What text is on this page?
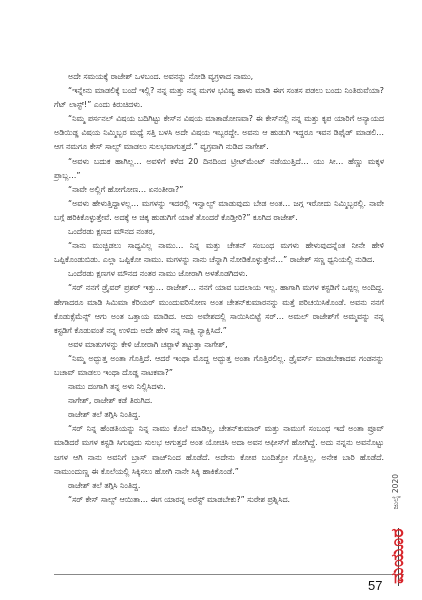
ಅದೇ ಸಮಯಕ್ಕೆ ರಾಜೇಶ್ ಒಳಬಂದ. ಅವನನ್ನು ನೋಡಿ ವ್ಯಗ್ರಳಾದ ನಾಮು,

“ಇನ್ನೇನು ಮಾಡಲಿಕ್ಕೆ ಬಂದೆ ಇಲ್ಲಿ? ನನ್ನ ಮತ್ತು ನನ್ನ ಮಗಳ ಭವಿಷ್ಯ ಹಾಳು ಮಾಡಿ ಈಗ ಸಂತಸ ಪಡಲು ಬಂದು ನಿಂತಿರುವೆಯಾ? ಗೆಟ್ ಲಾಸ್ಟ್!” ಎಂದು ಕಿರುಚಿದಳು.

“ನಿಮ್ಮ ಪರ್ಸನಲ್ ವಿಷಯ ಬದಿಗಿಟ್ಟು ಕೇಸ್‌ನ ವಿಷಯ ಮಾತಾಡೋಣವಾ? ಈ ಕೇಸ್‌ನಲ್ಲಿ ನನ್ನ ಮತ್ತು ಕೃಪ ಯಾರಿಗೆ ಅನ್ಯಾಯದ ಅಡಿಯಿಡ್ಡ ವಿಷಯ ನಿಮ್ಮಿಬ್ಬರ ಮಧ್ಯೆ ಸತ್ತಿ ಬಳಸಿ ಅದೇ ವಿಷಯ ಇಬ್ಬರದ್ದೇ. ಅವನು ಆ ಹುಡುಗಿ ಇದ್ದರೂ ಇವನ ಡಿಫೈಡ್ ಮಾಡಲಿ… ಆಗ ನಮಗೂ ಕೇಸ್ ಸಾಲ್ವ್ ಮಾಡಲು ಸುಲಭವಾಗುತ್ತದೆ.” ವ್ಯಗ್ರವಾಗಿ ನುಡಿದ ನಾಗೇಶ್.

“ಅವಳು ಬದುಕ ಹಾಗಿಲ್ಲ… ಅವಳಿಗೆ ಕಳೆದ 20 ದಿನದಿಂದ ಟ್ರೀಟ್‌ಮೆಂಟ್ ನಡೆಯುತ್ತಿದೆ… ಯು ಸೀ… ಹೆಣ್ಣು ಮಕ್ಕಳ ಪ್ರಾಬ್ಲ…”

“ನಾವೇ ಅಲ್ಲಿಗೆ ಹೋಗೋಣ… ಏನಂತೀರಾ?”

“ಅವಳು ಹೇಳುತ್ತಿದ್ದಾಳಲ್ಲ… ಮಗಳನ್ನು ಇದರಲ್ಲಿ ಇನ್ವಾಲ್ವ್ ಮಾಡುವುದು ಬೇಡ ಅಂತ… ಜಗ್ಗ ಇರೋದು ನಿಮ್ಮಿಬ್ಬರಲ್ಲಿ. ನಾವೇ ಬಗ್ಗೆ ಹರಿಕಿಕೊಳ್ಳುತ್ತೇವೆ. ಅದಕ್ಕೆ ಆ ಚಿಕ್ಕ ಹುಡುಗಿಗೆ ಯಾಕೆ ತೊಂದರೆ ಕೊಡ್ತೀರಿ?” ಕೂಗಿದ ರಾಜೇಶ್.

ಒಂದೆರಡು ಕ್ಷಣದ ಮೌನದ ನಂತರ,

“ನಾನು ಮುಚ್ಚಿಡಲು ಸಾಧ್ಯವಿಲ್ಲ ನಾಮು… ನಿನ್ನ ಮತ್ತು ಚೇತನ್ ಸಂಬಂಧ ಮಗಳು ಹೇಳುವುದನ್ನೆಂತ ನೀನೇ ಹೇಳಿ ಒಪ್ಪಿಕೊಂಡುಬಿಡು. ಎಲ್ಲಾ ಒಪ್ಪಿಕೋ ನಾಮು. ಮಗಳನ್ನು ನಾನು ಚೆನ್ನಾಗಿ ನೋಡಿಕೊಳ್ಳುತ್ತೇನೆ…” ರಾಜೇಶ್ ಸಣ್ಣ ಧ್ವನಿಯಲ್ಲಿ ನುಡಿದ.

ಒಂದೆರಡು ಕ್ಷಣಗಳ ಮೌನದ ನಂತರ ನಾಮು ಜೋರಾಗಿ ಅಳತೊಡಗಿದಳು.

“ಸರ್ ನನಗೆ ಡ್ರೈವರ್ ಪ್ರಶರ್ ಇತ್ತು… ರಾಜೇಶ್… ನನಗೆ ಯಾವ ಬದಲಾಯ ಇಲ್ಲ. ಹಾಗಾಗಿ ಮಗಳ ಕಸ್ಟಡಿಗೆ ಒಪ್ಪಲ್ಲ ಅಂದಿದ್ದ. ಹೇಗಾದರೂ ಮಾಡಿ ಸಿಮಿಮಾ ಕೆರಿಯರ್ ಮುಂದುವರಿಸೋಣ ಅಂತ ಚೇತನ್‌ಕುಮಾರನನ್ನು ಮತ್ತೆ ಪರಿಚಯಿಸಿಕೊಂಡೆ. ಅವನು ನನಗೆ ಕೊಡುಕ್ಸೆಮೆನ್ಸ್ ಆಗು ಅಂತ ಒತ್ತಾಯ ಮಾಡಿದ. ಅದು ಅವೇಶದಲ್ಲಿ ಸಾಯಿಸಿಬಿಟ್ಟೆ ಸರ್… ಅಮಲ್ ರಾಜೇಶ್‌ಗೆ ಅಮ್ಮವನ್ನು ನನ್ನ ಕಸ್ಟಡಿಗೆ ಕೊಡುವಂತೆ ನನ್ನ ಉಳಿದು ಅದೇ ಹೇಳಿ ನನ್ನ ಸಾಕ್ಷಿ ನ್ಯಾಕ್ಷಿಸಿದೆ.”

ಅವಳ ಮಾತುಗಳನ್ನು ಕೇಳಿ ಜೋರಾಗಿ ಚಪ್ಪಾಳೆ ತಟ್ಟುತ್ತಾ ನಾಗೇಶ್,

“ನಿಮ್ಮ ಅದ್ಭುತ್ತ ಅಂತಾ ಗೊತ್ತಿದೆ. ಆದರೆ ಇಂಥಾ ಮೊದ್ದ ಅದ್ಭುತ್ತ ಅಂತಾ ಗೊತ್ತಿರಲಿಲ್ಲ. ಡ್ರೈವರ್ಸ್ ಮಾಡಬೇಕಾದವ ಗಂಡನನ್ನು ಬಚಾವ್ ಮಾಡಲು ಇಂಥಾ ದೊಡ್ಡ ನಾಟಕವಾ?”

ನಾಮು ದಂಗಾಗಿ ತನ್ನ ಅಳು ನಿಲ್ಲಿಸಿದಳು.

ನಾಗೇಶ್, ರಾಜೇಶ್ ಕಡೆ ತಿರುಗಿದ.

ರಾಜೇಶ್ ತಲೆ ತಗ್ಗಿಸಿ ನಿಂತಿದ್ದ.

“ಸರ್ ನಿನ್ನ ಹೆಂಡತಿಯನ್ನು ನಿನ್ನ ನಾಮು ಕೊಲೆ ಮಾಡಿಲ್ಲ, ಚೇತನ್‌ಕುಮಾರ್ ಮತ್ತು ನಾಮುಗೆ ಸಂಬಂಧ ಇದೆ ಅಂತಾ ಪ್ರೂವ್ ಮಾಡಿದರೆ ಮಗಳ ಕಸ್ಟಡಿ ಸಿಗುವುದು ಸುಲಭ ಆಗುತ್ತದೆ ಅಂತ ಯೋಚಿಸಿ ಅದಾ ಅವನ ಆಫೀಸ್‌ಗೆ ಹೋಗಿದ್ದೆ. ಅದು ನನ್ನನು ಅವನೊಟ್ಟು ಜಗಳ ಆಗಿ ನಾನು ಅವನಿಗೆ ಬ್ರಾಸ್ ವಾಜ್‌ನಿಂದ ಹೊಡೆದೆ. ಅದೇನು ಕೋಪ ಬಂದಿತ್ತೋ ಗೊತ್ತಿಲ್ಲ, ಅನೇಕ ಬಾರಿ ಹೊಡೆದೆ. ನಾಮುಂದುಣ್ಣ ಈ ಕೊಲೆಯಲ್ಲಿ ಸಿಕ್ಕಿಸಲು ಹೋಗಿ ನಾನೇ ಸಿಕ್ಕಿ ಹಾಕಿಕೊಂಡೆ.”

ರಾಜೇಶ್ ತಲೆ ತಗ್ಗಿಸಿ ನಿಂತಿದ್ದ.

“ಸರ್ ಕೇಸ್ ಸಾಲ್ವ್ ಆಯಿತಾ… ಈಗ ಯಾರನ್ನ ಅರೆಸ್ಟ್ ಮಾಡಬೇಕು?” ಸುರೇಶ ಪ್ರಶ್ನಿಸಿದ.	ಜುಲೈ 2020
ಮಯೂರ
57
